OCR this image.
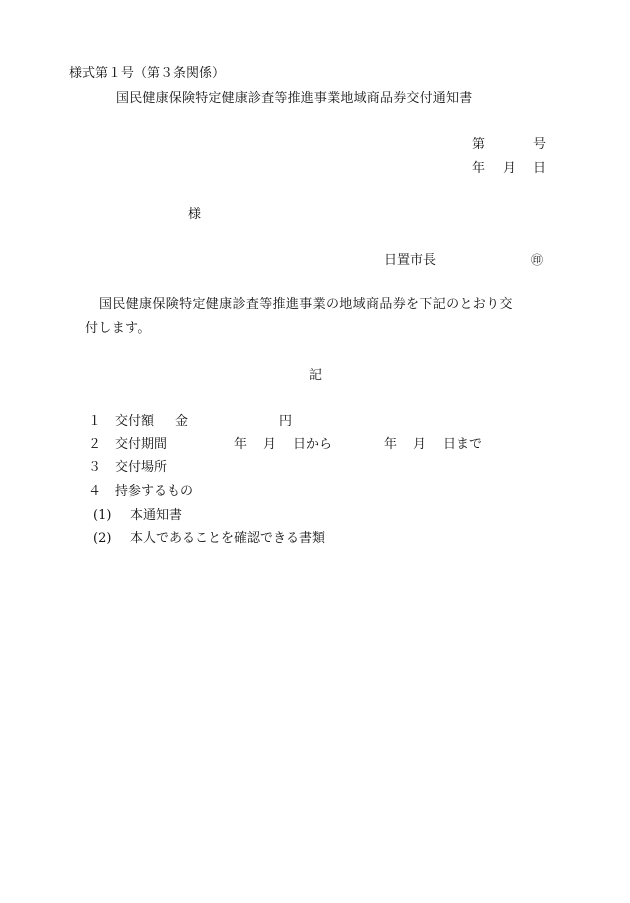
様式第１号（第３条関係）
国民健康保険特定健康診査等推進事業地域商品券交付通知書
第	号
年 月 日
様
日置市長	㊞
国民健康保険特定健康診査等推進事業の地域商品券を下記のとおり交
付します。
記
１ 交付額 金	円
２ 交付期間	年 月 日から	年 月 日まで
３ 交付場所
４ 持参するもの
(1) 本通知書
(2) 本人であることを確認できる書類
